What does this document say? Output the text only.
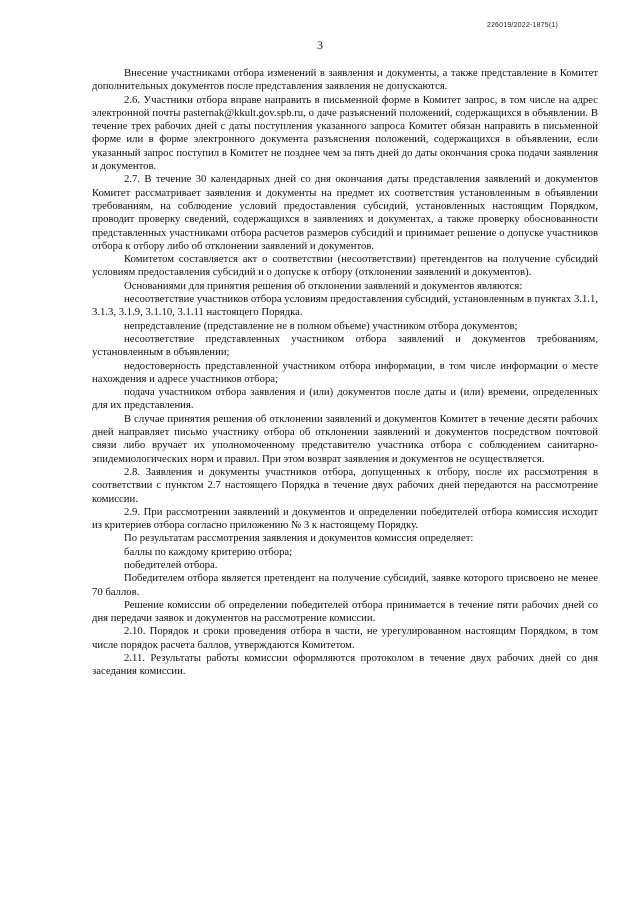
226019/2022-1875(1)
3

Внесение участниками отбора изменений в заявления и документы, а также представление в Комитет дополнительных документов после представления заявления не допускаются.

2.6. Участники отбора вправе направить в письменной форме в Комитет запрос, в том числе на адрес электронной почты pasternak@kkult.gov.spb.ru, о даче разъяснений положений, содержащихся в объявлении. В течение трех рабочих дней с даты поступления указанного запроса Комитет обязан направить в письменной форме или в форме электронного документа разъяснения положений, содержащихся в объявлении, если указанный запрос поступил в Комитет не позднее чем за пять дней до даты окончания срока подачи заявления и документов.

2.7. В течение 30 календарных дней со дня окончания даты представления заявлений и документов Комитет рассматривает заявления и документы на предмет их соответствия установленным в объявлении требованиям, на соблюдение условий предоставления субсидий, установленных настоящим Порядком, проводит проверку сведений, содержащихся в заявлениях и документах, а также проверку обоснованности представленных участниками отбора расчетов размеров субсидий и принимает решение о допуске участников отбора к отбору либо об отклонении заявлений и документов.

Комитетом составляется акт о соответствии (несоответствии) претендентов на получение субсидий условиям предоставления субсидий и о допуске к отбору (отклонении заявлений и документов).

Основаниями для принятия решения об отклонении заявлений и документов являются:

несоответствие участников отбора условиям предоставления субсидий, установленным в пунктах 3.1.1, 3.1.3, 3.1.9, 3.1.10, 3.1.11 настоящего Порядка.

непредставление (представление не в полном объеме) участником отбора документов;

несоответствие представленных участником отбора заявлений и документов требованиям, установленным в объявлении;

недостоверность представленной участником отбора информации, в том числе информации о месте нахождения и адресе участников отбора;

подача участником отбора заявления и (или) документов после даты и (или) времени, определенных для их представления.

В случае принятия решения об отклонении заявлений и документов Комитет в течение десяти рабочих дней направляет письмо участнику отбора об отклонении заявлений и документов посредством почтовой связи либо вручает их уполномоченному представителю участника отбора с соблюдением санитарно-эпидемиологических норм и правил. При этом возврат заявления и документов не осуществляется.

2.8. Заявления и документы участников отбора, допущенных к отбору, после их рассмотрения в соответствии с пунктом 2.7 настоящего Порядка в течение двух рабочих дней передаются на рассмотрение комиссии.

2.9. При рассмотрении заявлений и документов и определении победителей отбора комиссия исходит из критериев отбора согласно приложению № 3 к настоящему Порядку.

По результатам рассмотрения заявления и документов комиссия определяет:

баллы по каждому критерию отбора;

победителей отбора.

Победителем отбора является претендент на получение субсидий, заявке которого присвоено не менее 70 баллов.

Решение комиссии об определении победителей отбора принимается в течение пяти рабочих дней со дня передачи заявок и документов на рассмотрение комиссии.

2.10. Порядок и сроки проведения отбора в части, не урегулированном настоящим Порядком, в том числе порядок расчета баллов, утверждаются Комитетом.

2.11. Результаты работы комиссии оформляются протоколом в течение двух рабочих дней со дня заседания комиссии.
